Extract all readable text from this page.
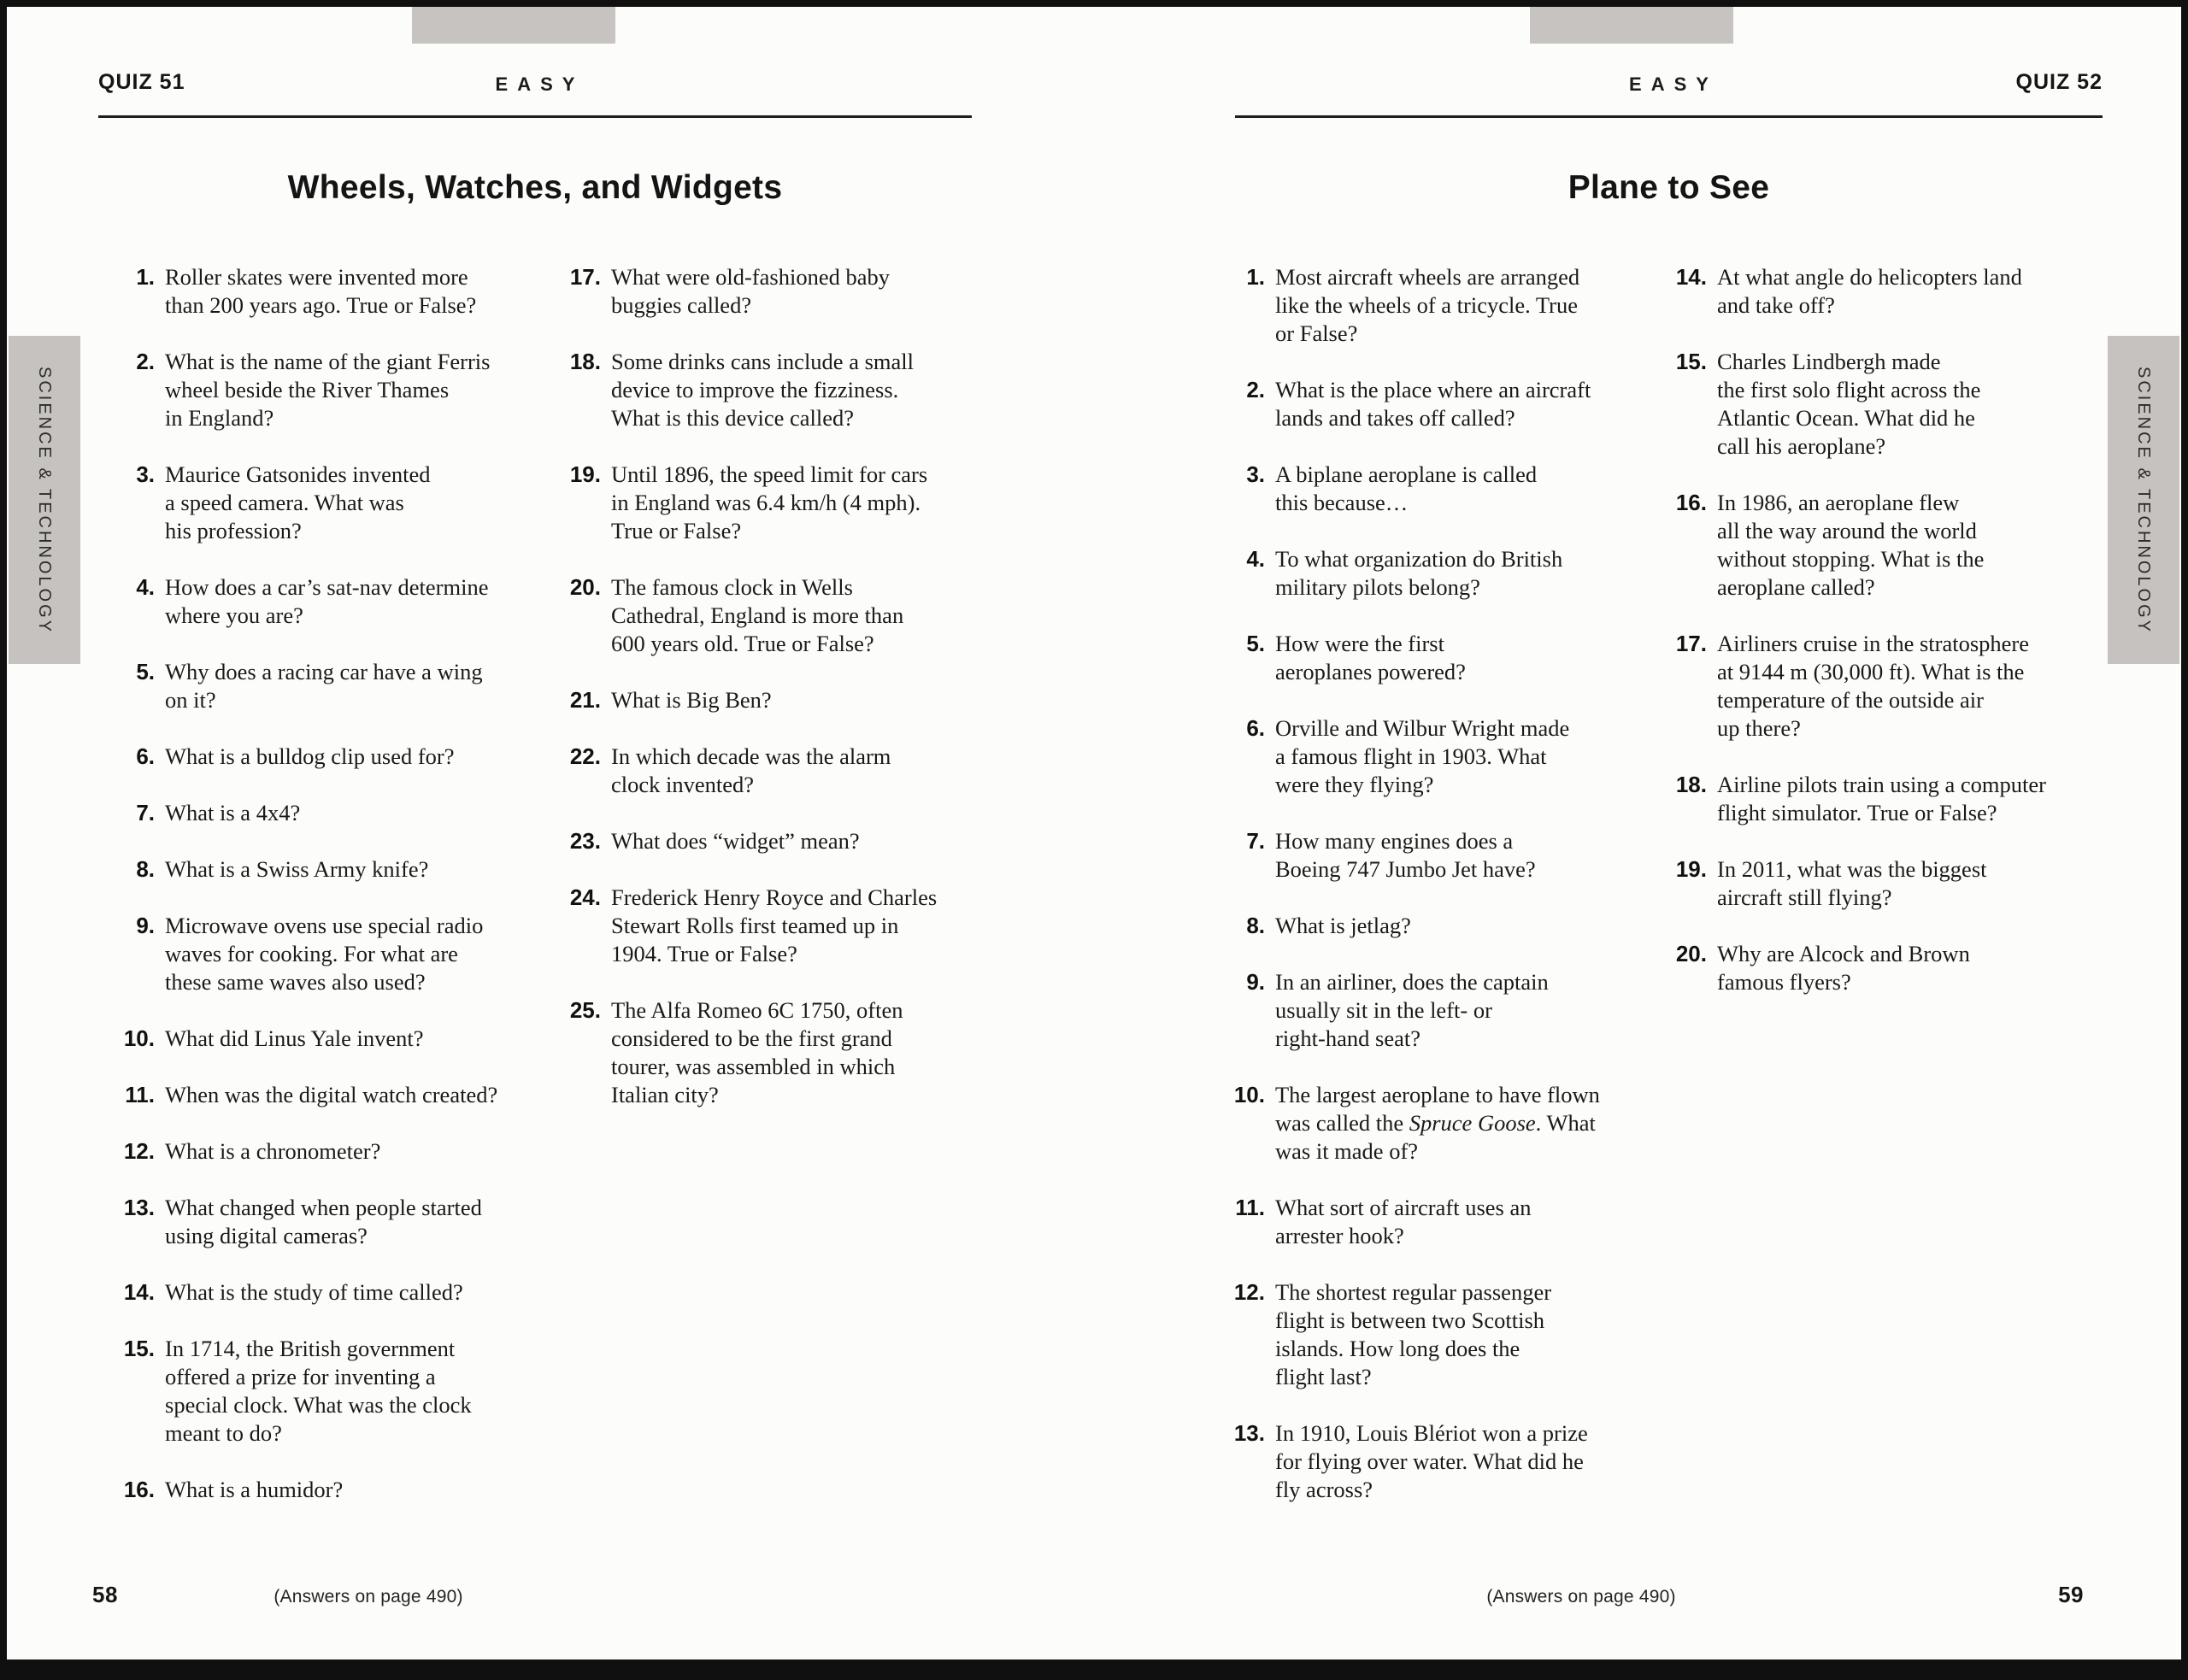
SCIENCE & TECHNOLOGY	SCIENCE & TECHNOLOGY
QUIZ 51	EASY
Wheels, Watches, and Widgets
1. Roller skates were invented more
than 200 years ago. True or False?
2. What is the name of the giant Ferris
wheel beside the River Thames
in England?
3. Maurice Gatsonides invented
a speed camera. What was
his profession?
4. How does a car’s sat-nav determine
where you are?
5. Why does a racing car have a wing
on it?
6. What is a bulldog clip used for?
7. What is a 4x4?
8. What is a Swiss Army knife?
9. Microwave ovens use special radio
waves for cooking. For what are
these same waves also used?
10. What did Linus Yale invent?
11. When was the digital watch created?
12. What is a chronometer?
13. What changed when people started
using digital cameras?
14. What is the study of time called?
15. In 1714, the British government
offered a prize for inventing a
special clock. What was the clock
meant to do?
16. What is a humidor?
17. What were old-fashioned baby
buggies called?
18. Some drinks cans include a small
device to improve the fizziness.
What is this device called?
19. Until 1896, the speed limit for cars
in England was 6.4 km/h (4 mph).
True or False?
20. The famous clock in Wells
Cathedral, England is more than
600 years old. True or False?
21. What is Big Ben?
22. In which decade was the alarm
clock invented?
23. What does “widget” mean?
24. Frederick Henry Royce and Charles
Stewart Rolls first teamed up in
1904. True or False?
25. The Alfa Romeo 6C 1750, often
considered to be the first grand
tourer, was assembled in which
Italian city?
58	(Answers on page 490)
QUIZ 52
EASY
Plane to See
1. Most aircraft wheels are arranged
like the wheels of a tricycle. True
or False?
2. What is the place where an aircraft
lands and takes off called?
3. A biplane aeroplane is called
this because…
4. To what organization do British
military pilots belong?
5. How were the first
aeroplanes powered?
6. Orville and Wilbur Wright made
a famous flight in 1903. What
were they flying?
7. How many engines does a
Boeing 747 Jumbo Jet have?
8. What is jetlag?
9. In an airliner, does the captain
usually sit in the left- or
right-hand seat?
10. The largest aeroplane to have flown
was called the Spruce Goose. What
was it made of?
11. What sort of aircraft uses an
arrester hook?
12. The shortest regular passenger
flight is between two Scottish
islands. How long does the
flight last?
13. In 1910, Louis Blériot won a prize
for flying over water. What did he
fly across?
14. At what angle do helicopters land
and take off?
15. Charles Lindbergh made
the first solo flight across the
Atlantic Ocean. What did he
call his aeroplane?
16. In 1986, an aeroplane flew
all the way around the world
without stopping. What is the
aeroplane called?
17. Airliners cruise in the stratosphere
at 9144 m (30,000 ft). What is the
temperature of the outside air
up there?
18. Airline pilots train using a computer
flight simulator. True or False?
19. In 2011, what was the biggest
aircraft still flying?
20. Why are Alcock and Brown
famous flyers?
(Answers on page 490)	59
